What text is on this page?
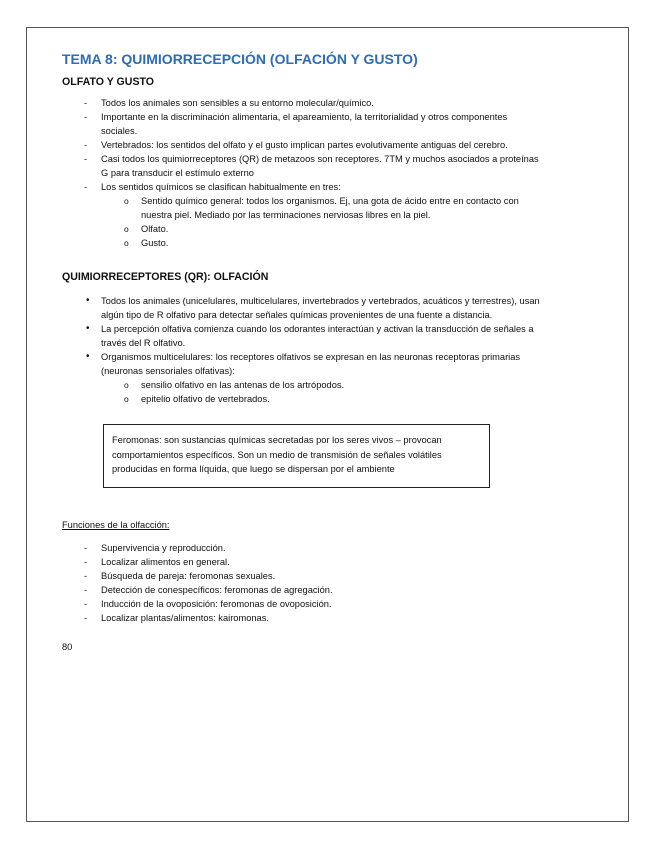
TEMA 8: QUIMIORRECEPCIÓN (OLFACIÓN Y GUSTO)
OLFATO Y GUSTO
- Todos los animales son sensibles a su entorno molecular/químico.
- Importante en la discriminación alimentaria, el apareamiento, la territorialidad y otros componentes sociales.
- Vertebrados: los sentidos del olfato y el gusto implican partes evolutivamente antiguas del cerebro.
- Casi todos los quimiorreceptores (QR) de metazoos son receptores. 7TM y muchos asociados a proteínas G para transducir el estímulo externo
- Los sentidos químicos se clasifican habitualmente en tres:
o Sentido químico general: todos los organismos. Ej, una gota de ácido entre en contacto con nuestra piel. Mediado por las terminaciones nerviosas libres en la piel.
o Olfato.
o Gusto.
QUIMIORRECEPTORES (QR): OLFACIÓN
• Todos los animales (unicelulares, multicelulares, invertebrados y vertebrados, acuáticos y terrestres), usan algún tipo de R olfativo para detectar señales químicas provenientes de una fuente a distancia.
• La percepción olfativa comienza cuando los odorantes interactúan y activan la transducción de señales a través del R olfativo.
• Organismos multicelulares: los receptores olfativos se expresan en las neuronas receptoras primarias (neuronas sensoriales olfativas):
o sensilio olfativo en las antenas de los artrópodos.
o epitelio olfativo de vertebrados.
Feromonas: son sustancias químicas secretadas por los seres vivos – provocan comportamientos específicos. Son un medio de transmisión de señales volátiles producidas en forma líquida, que luego se dispersan por el ambiente
Funciones de la olfacción:
- Supervivencia y reproducción.
- Localizar alimentos en general.
- Búsqueda de pareja: feromonas sexuales.
- Detección de conespecíficos: feromonas de agregación.
- Inducción de la ovoposición: feromonas de ovoposición.
- Localizar plantas/alimentos: kairomonas.
80
